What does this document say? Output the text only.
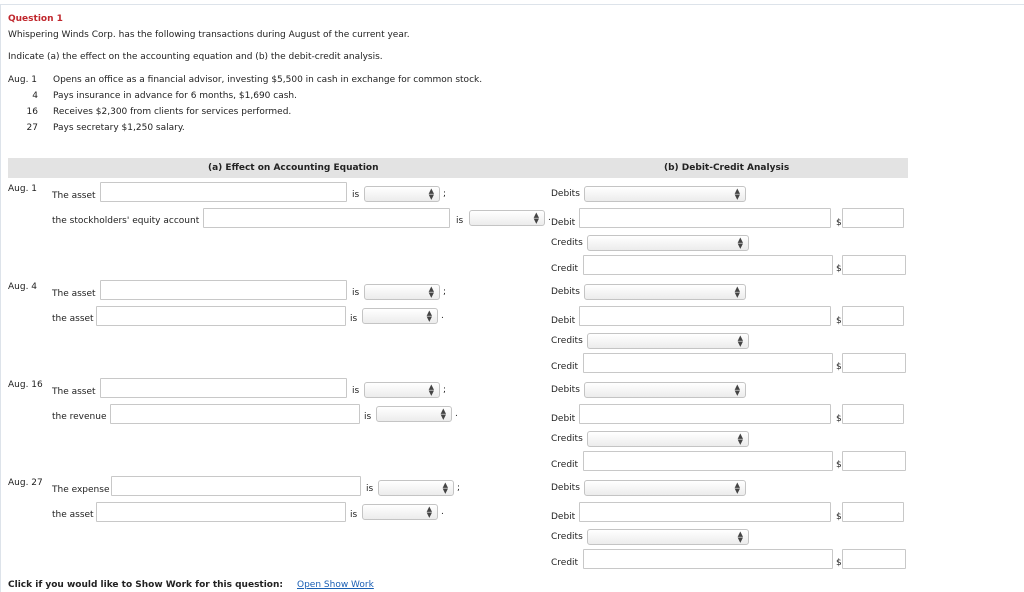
Question 1
Whispering Winds Corp. has the following transactions during August of the current year.
Indicate (a) the effect on the accounting equation and (b) the debit-credit analysis.
Aug. 1	Opens an office as a financial advisor, investing $5,500 in cash in exchange for common stock.
4 Pays insurance in advance for 6 months, $1,690 cash.
16 Receives $2,300 from clients for services performed.
27 Pays secretary $1,250 salary.
(a) Effect on Accounting Equation	(b) Debit-Credit Analysis
Aug. 1
The asset	is	▲
▼ ;
the stockholders' equity account	is
▲
▼ .
Debits	▲
▼
Debit	$
Credits	▲
▼
Credit	$
Aug. 4
The asset	is	▲
▼ ;
the asset	is
▲
▼ .
Debits	▲
▼
Debit	$
Credits	▲
▼
Credit	$
Aug. 16
The asset	is	▲
▼ ;
the revenue	is
▲
▼ .
Debits	▲
▼
Debit	$
Credits	▲
▼
Credit	$
Aug. 27
The expense	is	▲
▼ ;
the asset	is
▲
▼ .
Debits	▲
▼
Debit	$
Credits	▲
▼
Credit	$
Click if you would like to Show Work for this question: Open Show Work
